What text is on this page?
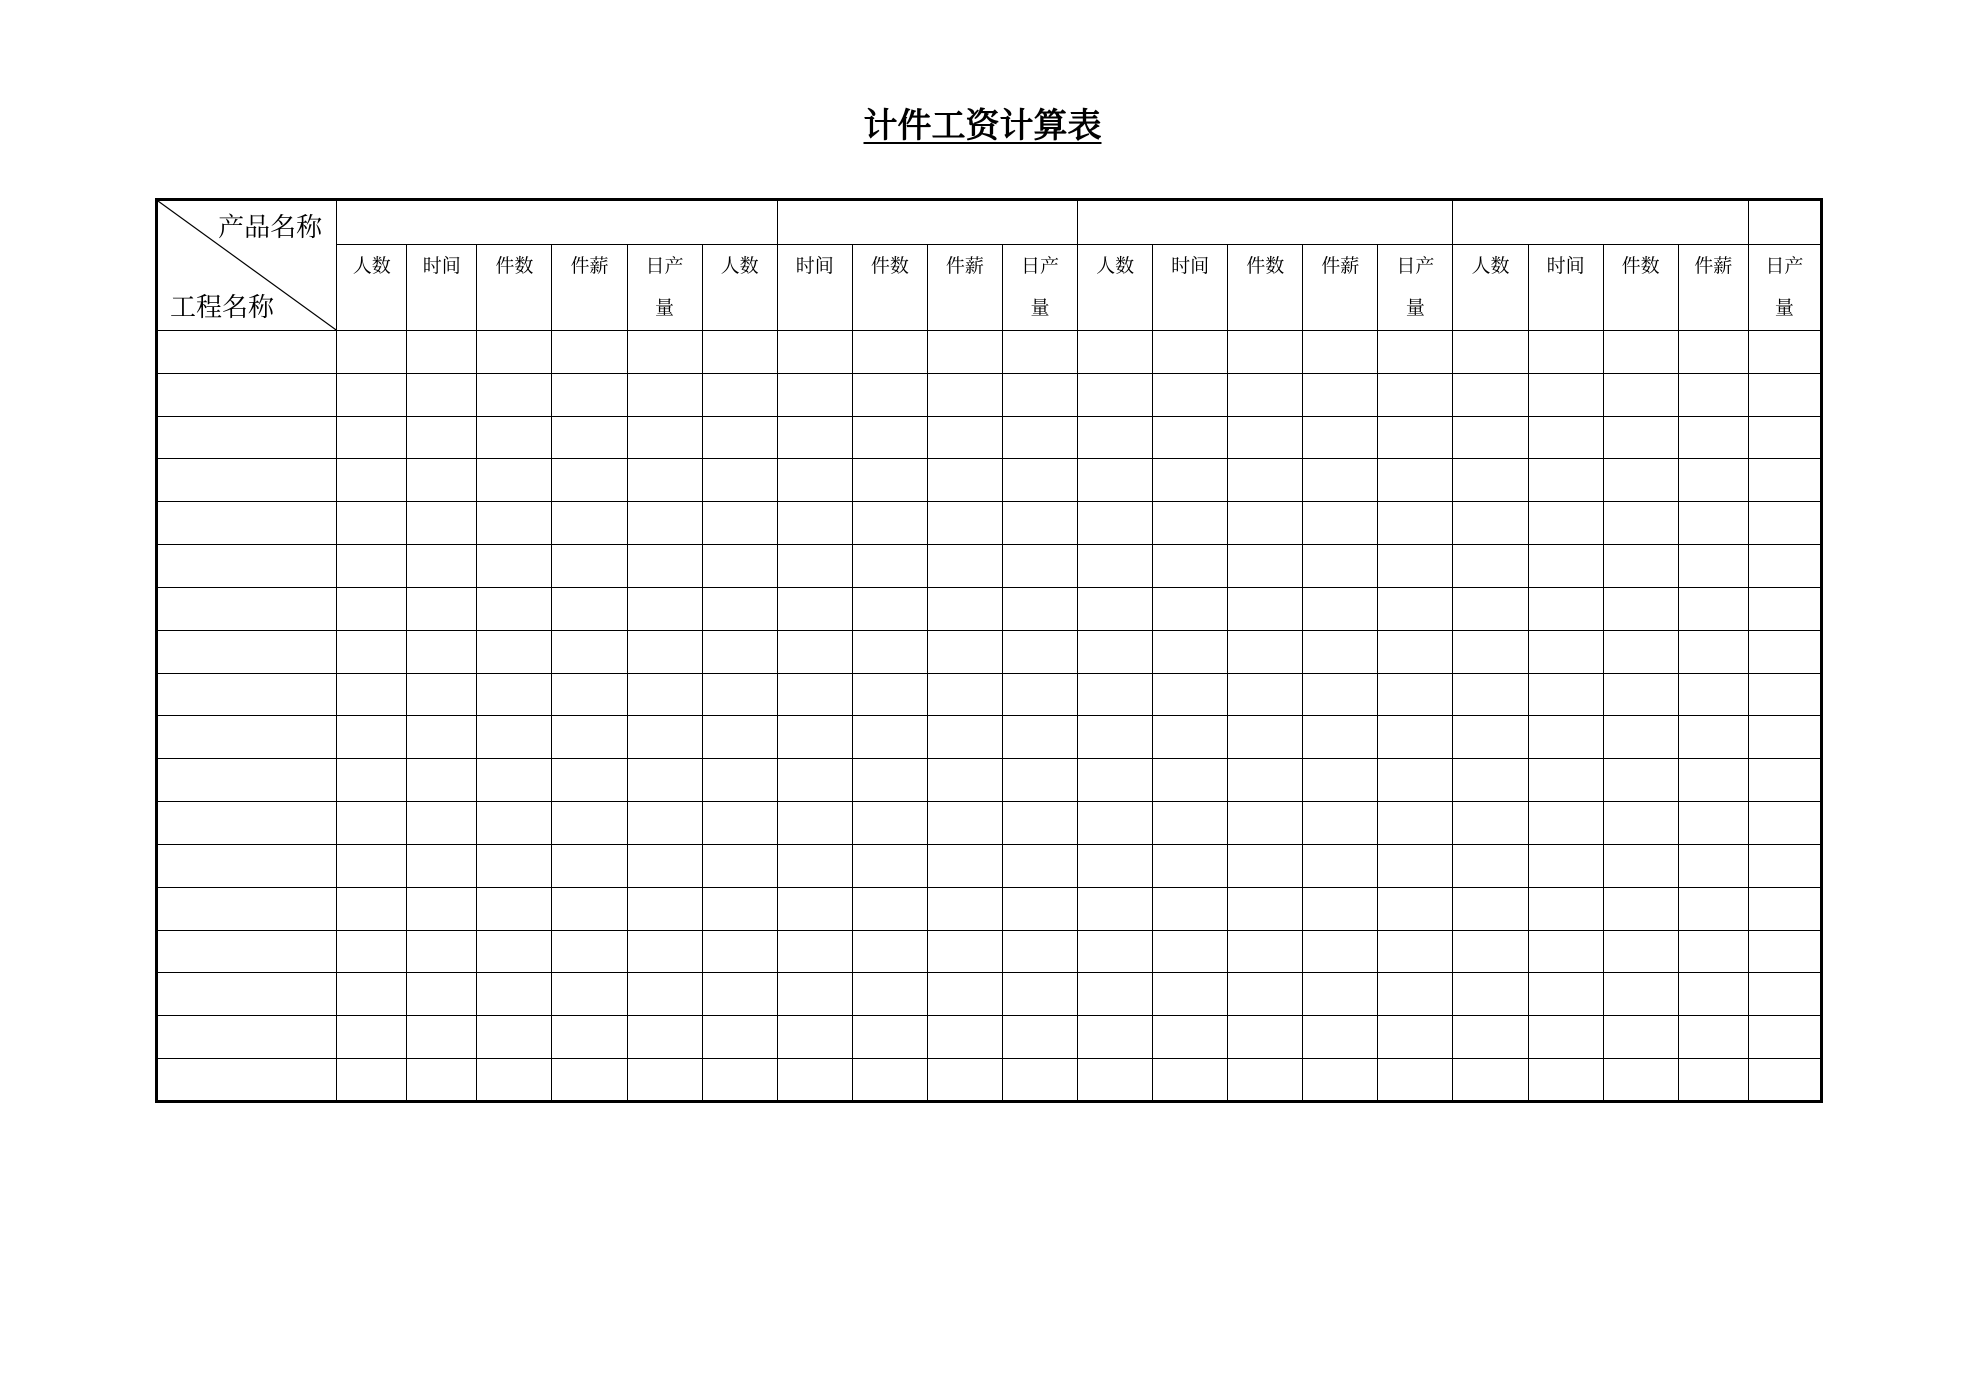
计件工资计算表
产品名称
工程名称																				

	人数	时间	件数	件薪	日产量	人数	时间	件数	件薪	日产量	人数	时间	件数	件薪	日产量	人数	时间	件数	件薪	日产量
